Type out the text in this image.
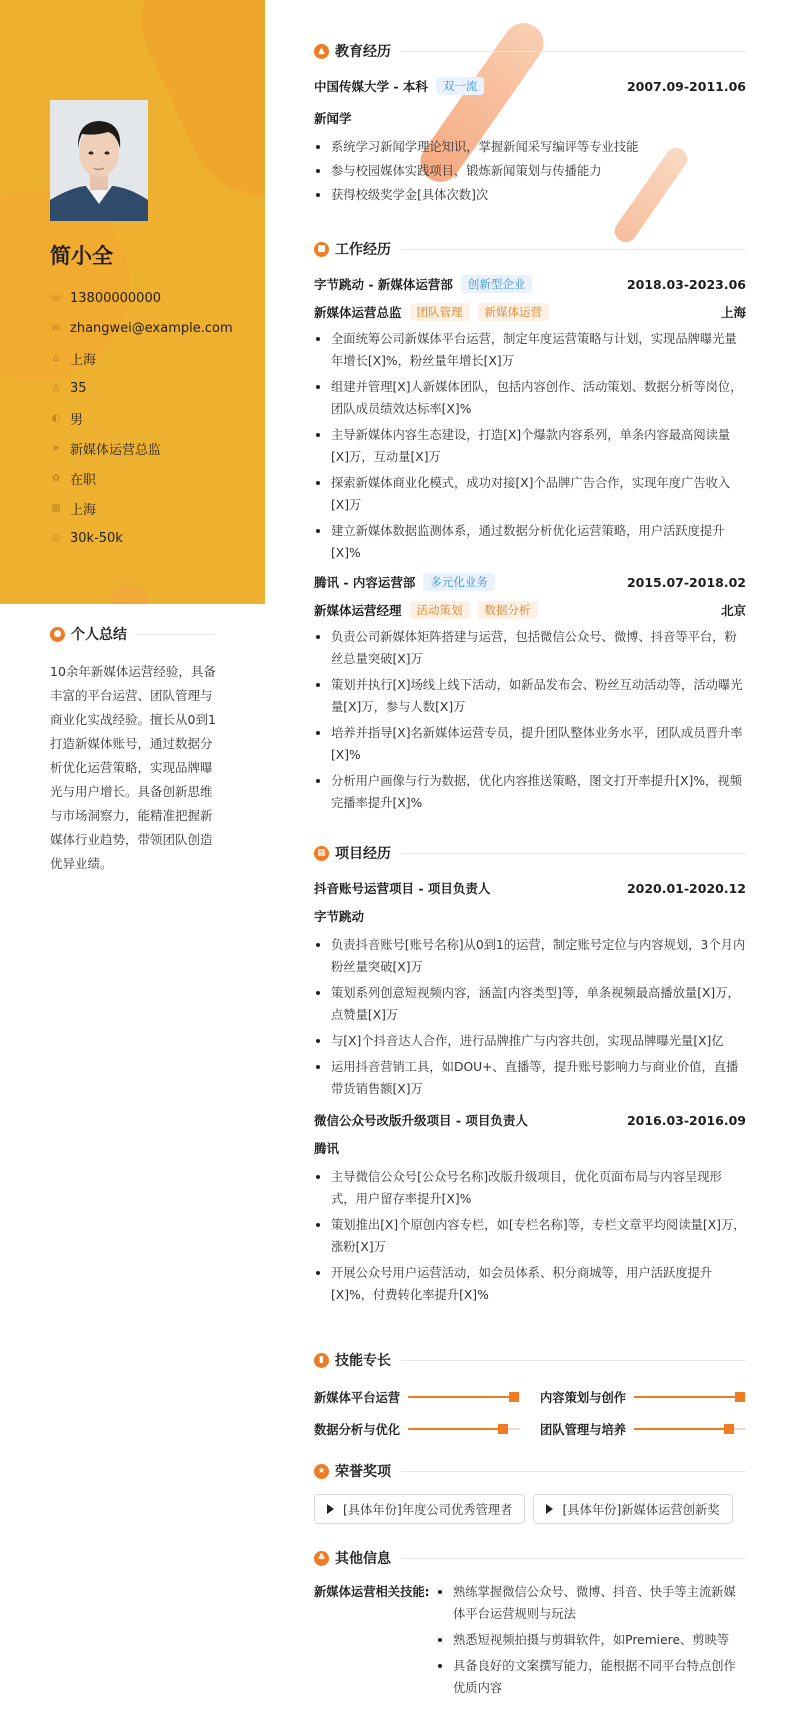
简小全
☏ 13800000000
✉ zhangwei@example.com
⌂ 上海
♙ 35
◐ 男
➤ 新媒体运营总监
✿ 在职
▦ 上海
◎ 30k-50k
● 个人总结
10余年新媒体运营经验，具备丰富的平台运营、团队管理与商业化实战经验。擅长从0到1打造新媒体账号，通过数据分析优化运营策略，实现品牌曝光与用户增长。具备创新思维与市场洞察力，能精准把握新媒体行业趋势，带领团队创造优异业绩。
▲ 教育经历
中国传媒大学 - 本科	双一流	2007.09-2011.06
新闻学
系统学习新闻学理论知识，掌握新闻采写编评等专业技能
参与校园媒体实践项目，锻炼新闻策划与传播能力
获得校级奖学金[具体次数]次
■ 工作经历
字节跳动 - 新媒体运营部	创新型企业	2018.03-2023.06
新媒体运营总监	团队管理	新媒体运营	上海
全面统筹公司新媒体平台运营，制定年度运营策略与计划，实现品牌曝光量年增长[X]%，粉丝量年增长[X]万
组建并管理[X]人新媒体团队，包括内容创作、活动策划、数据分析等岗位，团队成员绩效达标率[X]%
主导新媒体内容生态建设，打造[X]个爆款内容系列，单条内容最高阅读量[X]万，互动量[X]万
探索新媒体商业化模式，成功对接[X]个品牌广告合作，实现年度广告收入[X]万
建立新媒体数据监测体系，通过数据分析优化运营策略，用户活跃度提升[X]%
腾讯 - 内容运营部	多元化业务	2015.07-2018.02
新媒体运营经理	活动策划	数据分析	北京
负责公司新媒体矩阵搭建与运营，包括微信公众号、微博、抖音等平台，粉丝总量突破[X]万
策划并执行[X]场线上线下活动，如新品发布会、粉丝互动活动等，活动曝光量[X]万，参与人数[X]万
培养并指导[X]名新媒体运营专员，提升团队整体业务水平，团队成员晋升率[X]%
分析用户画像与行为数据，优化内容推送策略，图文打开率提升[X]%，视频完播率提升[X]%
▦ 项目经历
抖音账号运营项目 - 项目负责人	2020.01-2020.12
字节跳动
负责抖音账号[账号名称]从0到1的运营，制定账号定位与内容规划，3个月内粉丝量突破[X]万
策划系列创意短视频内容，涵盖[内容类型]等，单条视频最高播放量[X]万，点赞量[X]万
与[X]个抖音达人合作，进行品牌推广与内容共创，实现品牌曝光量[X]亿
运用抖音营销工具，如DOU+、直播等，提升账号影响力与商业价值，直播带货销售额[X]万
微信公众号改版升级项目 - 项目负责人	2016.03-2016.09
腾讯
主导微信公众号[公众号名称]改版升级项目，优化页面布局与内容呈现形式，用户留存率提升[X]%
策划推出[X]个原创内容专栏，如[专栏名称]等，专栏文章平均阅读量[X]万，涨粉[X]万
开展公众号用户运营活动，如会员体系、积分商城等，用户活跃度提升[X]%，付费转化率提升[X]%
▮ 技能专长
新媒体平台运营	内容策划与创作
数据分析与优化	团队管理与培养
★ 荣誉奖项
[具体年份]年度公司优秀管理者	[具体年份]新媒体运营创新奖
♣ 其他信息
新媒体运营相关技能:	熟练掌握微信公众号、微博、抖音、快手等主流新媒体平台运营规则与玩法
熟悉短视频拍摄与剪辑软件，如Premiere、剪映等
具备良好的文案撰写能力，能根据不同平台特点创作优质内容
